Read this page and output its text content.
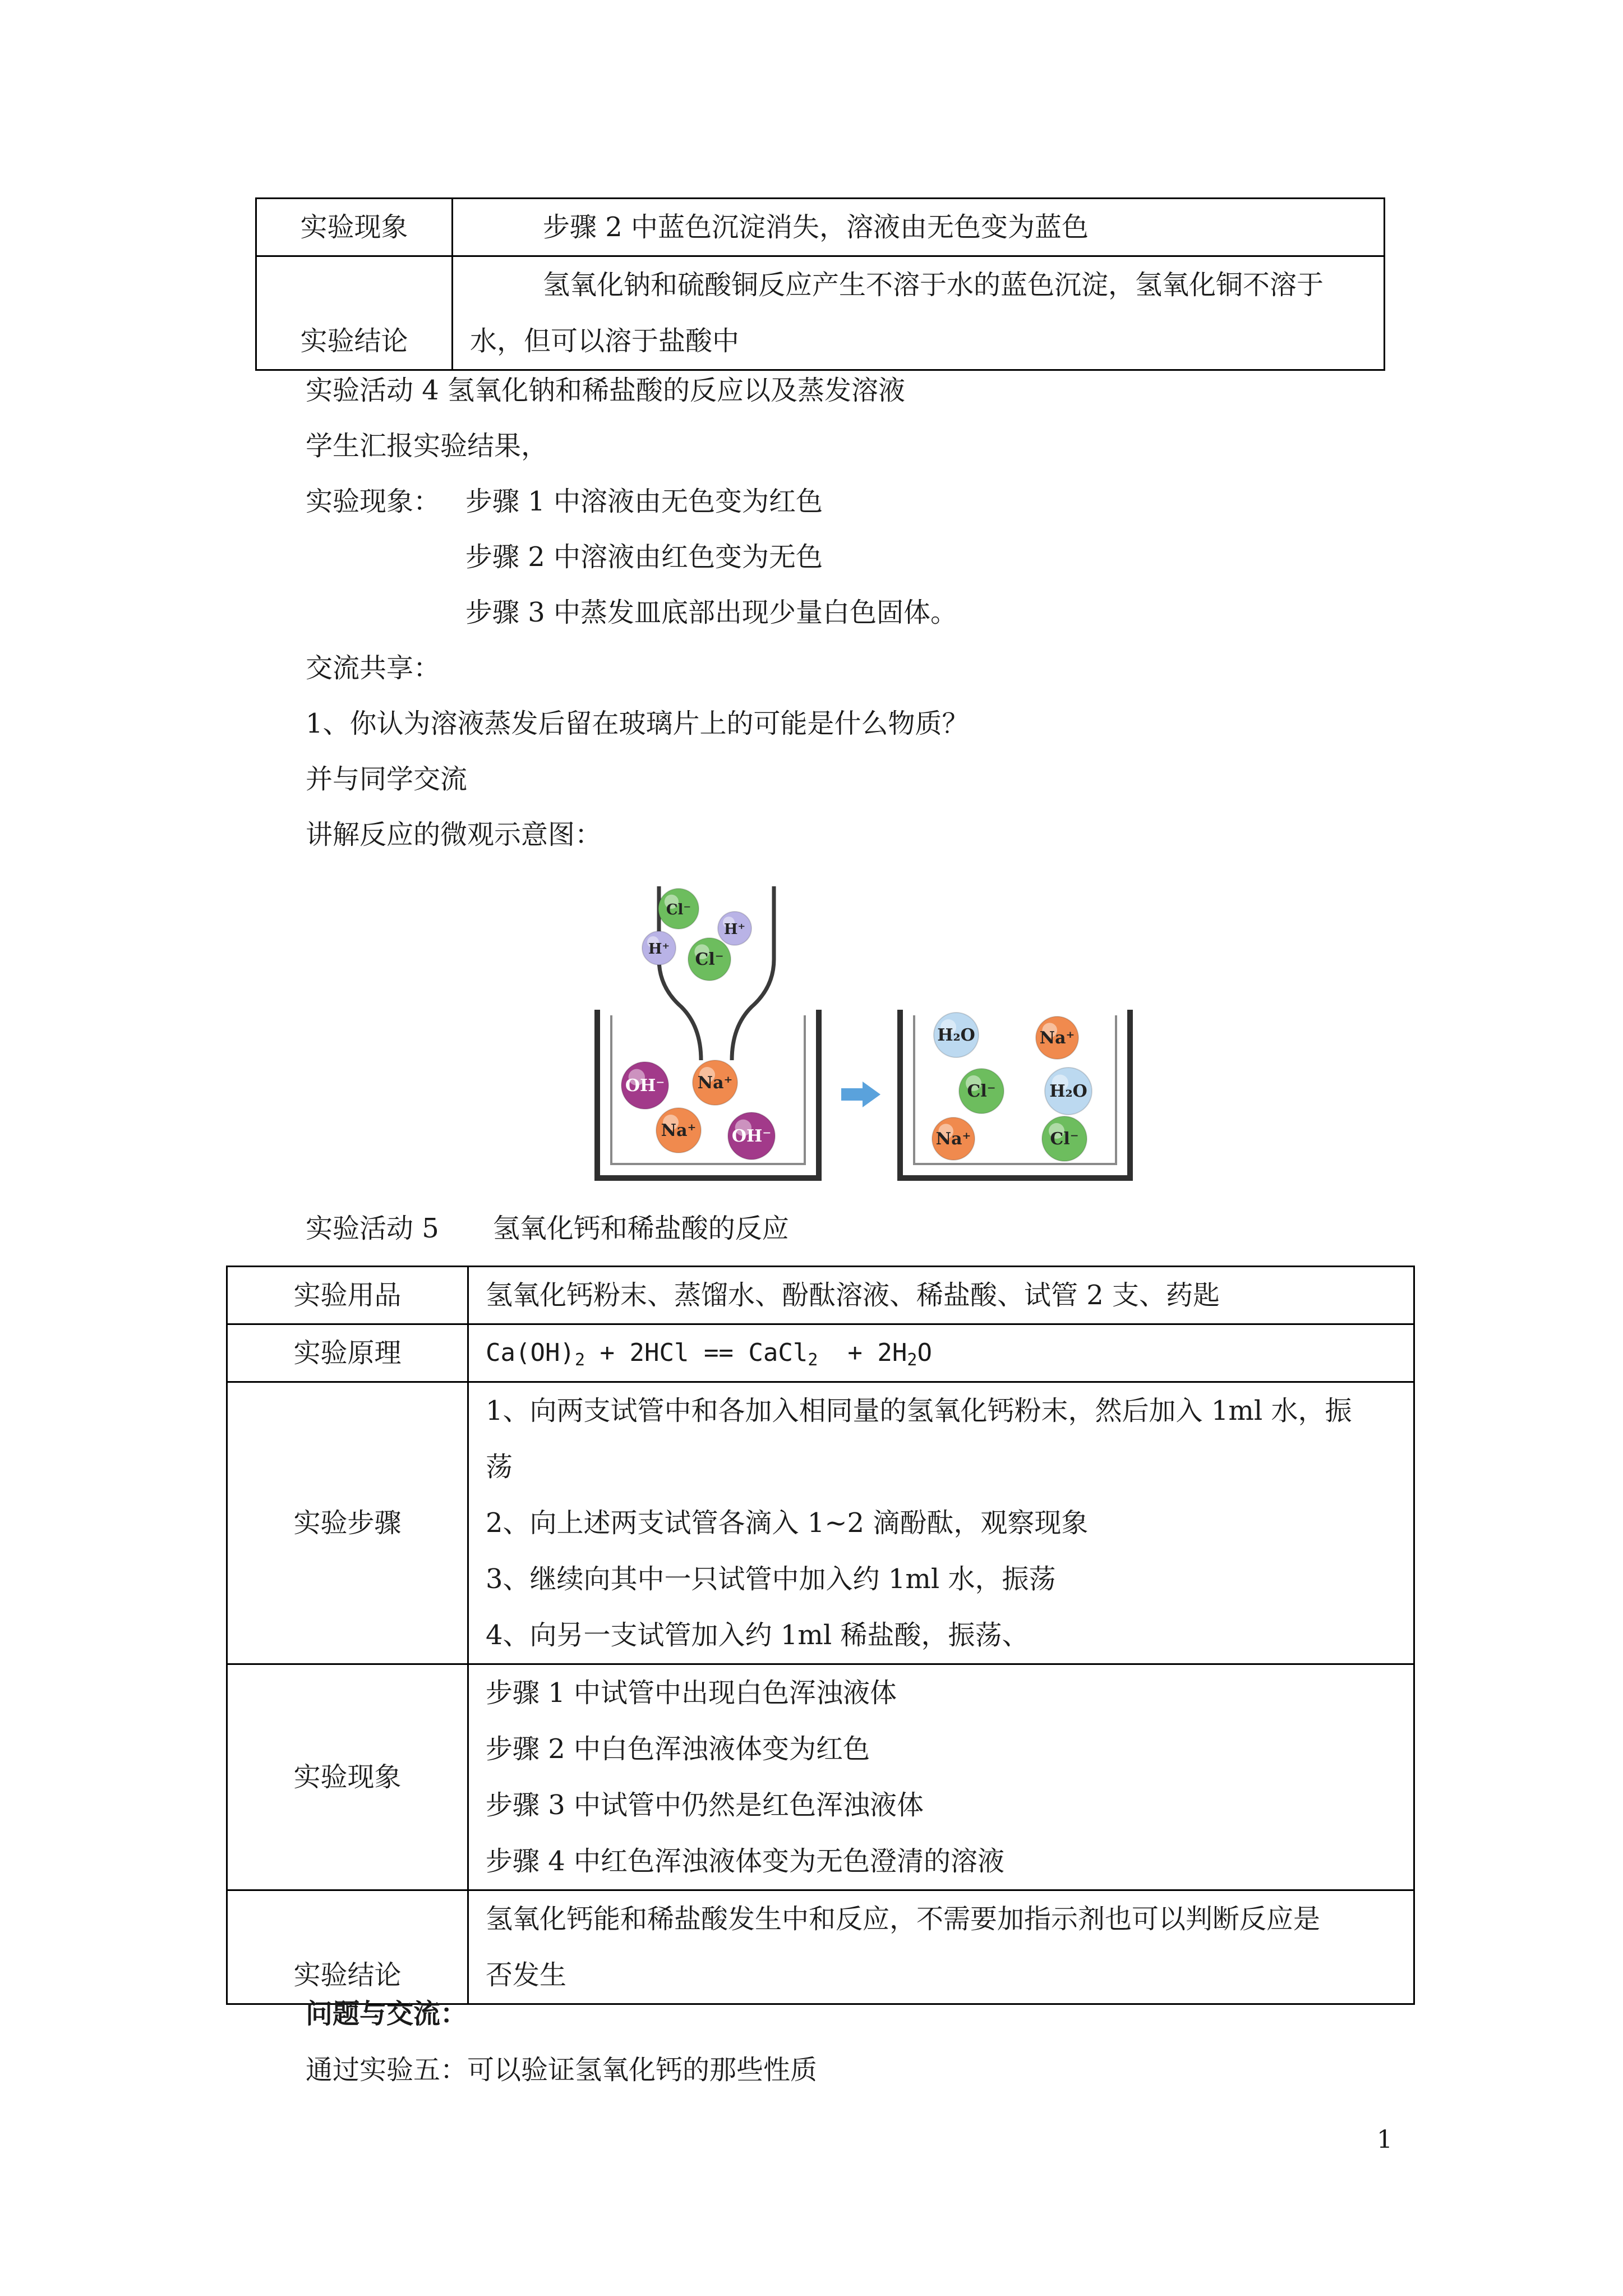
实验现象	步骤 2 中蓝色沉淀消失，溶液由无色变为蓝色

实验结论	氢氧化钠和硫酸铜反应产生不溶于水的蓝色沉淀，氢氧化铜不溶于
水，但可以溶于盐酸中
实验活动 4 氢氧化钠和稀盐酸的反应以及蒸发溶液
学生汇报实验结果，
实验现象： 步骤 1 中溶液由无色变为红色
步骤 2 中溶液由红色变为无色
步骤 3 中蒸发皿底部出现少量白色固体。
交流共享：
1、你认为溶液蒸发后留在玻璃片上的可能是什么物质？
并与同学交流
讲解反应的微观示意图：
Cl⁻
H⁺
H⁺
Cl⁻
OH⁻ Na⁺
Na⁺ OH⁻
H₂O	Na⁺
Cl⁻	H₂O
Na⁺	Cl⁻
实验活动 5　　氢氧化钙和稀盐酸的反应
实验用品	氢氧化钙粉末、蒸馏水、酚酞溶液、稀盐酸、试管 2 支、药匙
实验原理	$Ca(OH)_2 + 2HCl$ == CaCl$_2$  + $2H_2O$
实验步骤	1、向两支试管中和各加入相同量的氢氧化钙粉末，然后加入 1ml 水，振
荡
2、向上述两支试管各滴入 1~2 滴酚酞，观察现象
3、继续向其中一只试管中加入约 1ml 水，振荡
4、向另一支试管加入约 1ml 稀盐酸，振荡、

实验现象	步骤 1 中试管中出现白色浑浊液体
步骤 2 中白色浑浊液体变为红色
步骤 3 中试管中仍然是红色浑浊液体
步骤 4 中红色浑浊液体变为无色澄清的溶液

实验结论	氢氧化钙能和稀盐酸发生中和反应，不需要加指示剂也可以判断反应是
否发生
问题与交流：
通过实验五：可以验证氢氧化钙的那些性质
1
